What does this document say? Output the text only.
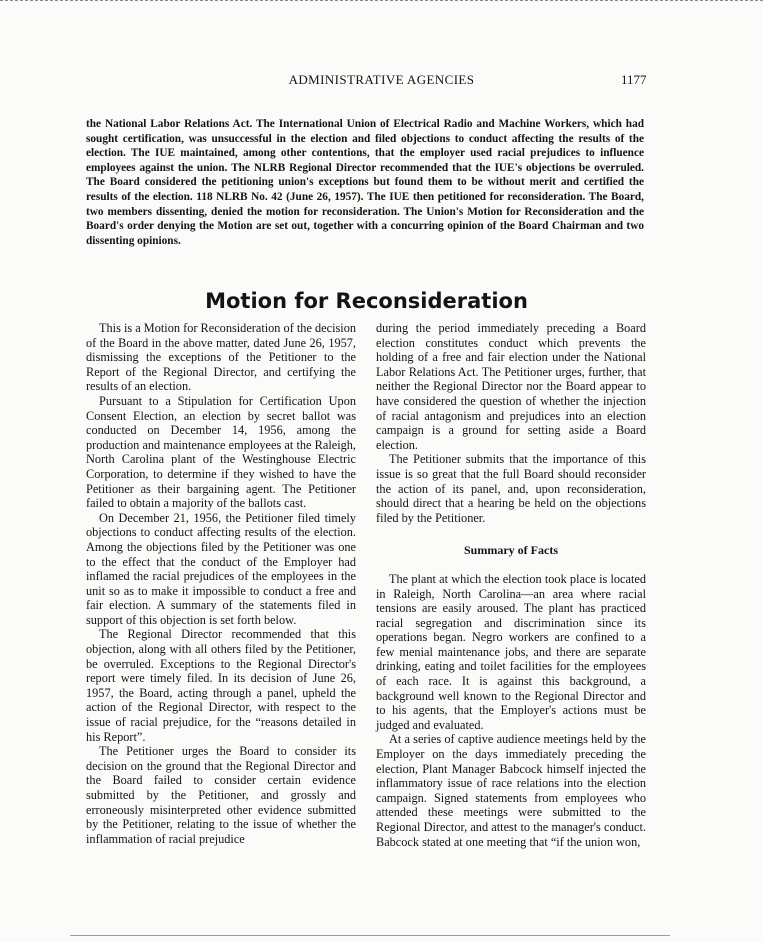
ADMINISTRATIVE AGENCIES	1177

the National Labor Relations Act. The International Union of Electrical Radio and Machine Workers, which had sought certification, was unsuccessful in the election and filed objections to conduct affecting the results of the election. The IUE maintained, among other contentions, that the employer used racial prejudices to influence employees against the union. The NLRB Regional Director recommended that the IUE's objections be overruled. The Board considered the petitioning union's exceptions but found them to be without merit and certified the results of the election. 118 NLRB No. 42 (June 26, 1957). The IUE then petitioned for reconsideration. The Board, two members dissenting, denied the motion for reconsideration. The Union's Motion for Reconsideration and the Board's order denying the Motion are set out, together with a concurring opinion of the Board Chairman and two dissenting opinions.

Motion for Reconsideration

This is a Motion for Reconsideration of the decision of the Board in the above matter, dated June 26, 1957, dismissing the exceptions of the Petitioner to the Report of the Regional Director, and certifying the results of an election.

Pursuant to a Stipulation for Certification Upon Consent Election, an election by secret ballot was conducted on December 14, 1956, among the production and maintenance employees at the Raleigh, North Carolina plant of the Westinghouse Electric Corporation, to determine if they wished to have the Petitioner as their bargaining agent. The Petitioner failed to obtain a majority of the ballots cast.

On December 21, 1956, the Petitioner filed timely objections to conduct affecting results of the election. Among the objections filed by the Petitioner was one to the effect that the conduct of the Employer had inflamed the racial prejudices of the employees in the unit so as to make it impossible to conduct a free and fair election. A summary of the statements filed in support of this objection is set forth below.

The Regional Director recommended that this objection, along with all others filed by the Petitioner, be overruled. Exceptions to the Regional Director's report were timely filed. In its decision of June 26, 1957, the Board, acting through a panel, upheld the action of the Regional Director, with respect to the issue of racial prejudice, for the “reasons detailed in his Report”.

The Petitioner urges the Board to consider its decision on the ground that the Regional Director and the Board failed to consider certain evidence submitted by the Petitioner, and grossly and erroneously misinterpreted other evidence submitted by the Petitioner, relating to the issue of whether the inflammation of racial prejudice

during the period immediately preceding a Board election constitutes conduct which prevents the holding of a free and fair election under the National Labor Relations Act. The Petitioner urges, further, that neither the Regional Director nor the Board appear to have considered the question of whether the injection of racial antagonism and prejudices into an election campaign is a ground for setting aside a Board election.

The Petitioner submits that the importance of this issue is so great that the full Board should reconsider the action of its panel, and, upon reconsideration, should direct that a hearing be held on the objections filed by the Petitioner.

Summary of Facts

The plant at which the election took place is located in Raleigh, North Carolina—an area where racial tensions are easily aroused. The plant has practiced racial segregation and discrimination since its operations began. Negro workers are confined to a few menial maintenance jobs, and there are separate drinking, eating and toilet facilities for the employees of each race. It is against this background, a background well known to the Regional Director and to his agents, that the Employer's actions must be judged and evaluated.

At a series of captive audience meetings held by the Employer on the days immediately preceding the election, Plant Manager Babcock himself injected the inflammatory issue of race relations into the election campaign. Signed statements from employees who attended these meetings were submitted to the Regional Director, and attest to the manager's conduct. Babcock stated at one meeting that “if the union won,
